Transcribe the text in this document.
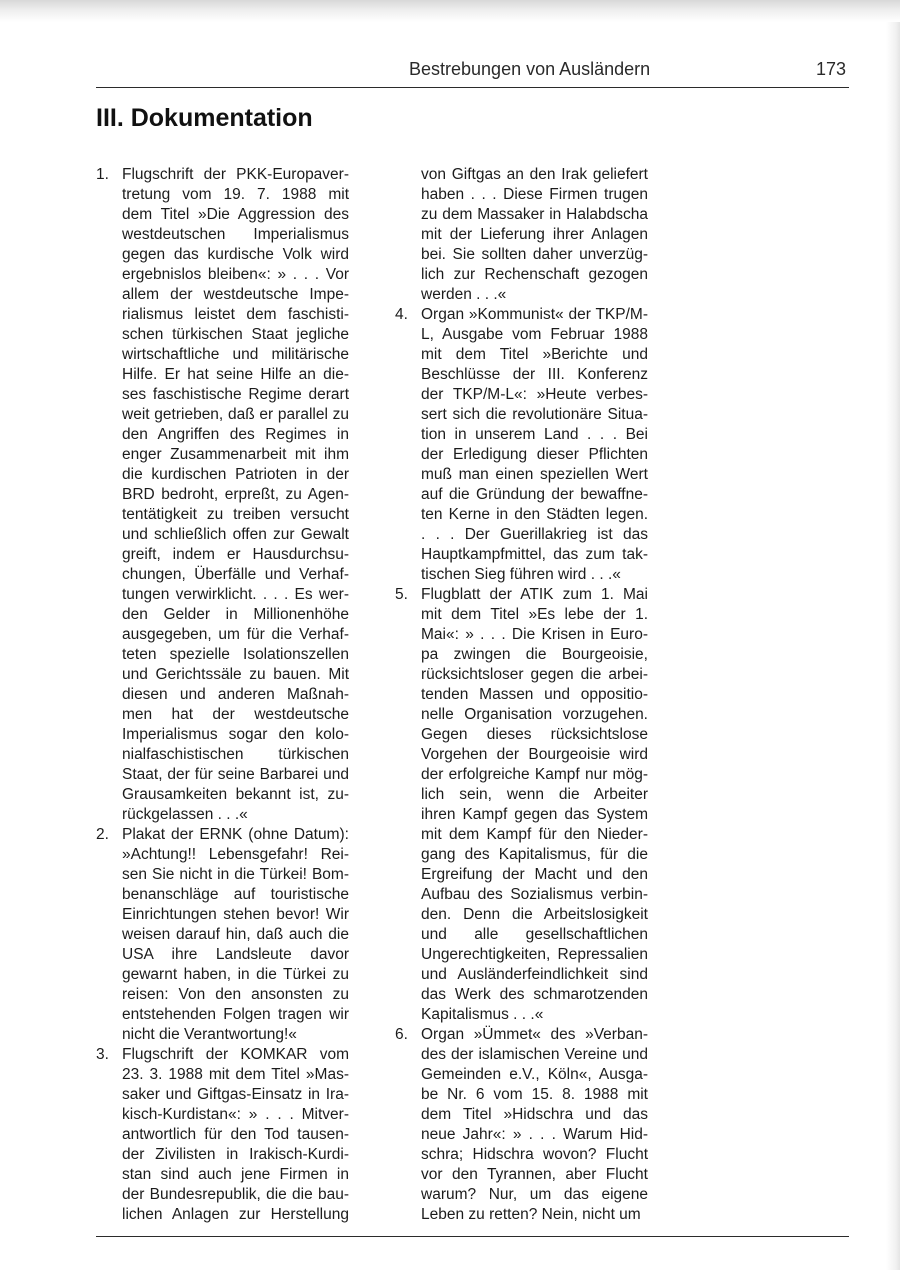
Bestrebungen von Ausländern	173
III. Dokumentation
1. Flugschrift der PKK-Europaver-
tretung vom 19. 7. 1988 mit
dem Titel »Die Aggression des
westdeutschen Imperialismus
gegen das kurdische Volk wird
ergebnislos bleiben«: » . . . Vor
allem der westdeutsche Impe-
rialismus leistet dem faschisti-
schen türkischen Staat jegliche
wirtschaftliche und militärische
Hilfe. Er hat seine Hilfe an die-
ses faschistische Regime derart
weit getrieben, daß er parallel zu
den Angriffen des Regimes in
enger Zusammenarbeit mit ihm
die kurdischen Patrioten in der
BRD bedroht, erpreßt, zu Agen-
tentätigkeit zu treiben versucht
und schließlich offen zur Gewalt
greift, indem er Hausdurchsu-
chungen, Überfälle und Verhaf-
tungen verwirklicht. . . . Es wer-
den Gelder in Millionenhöhe
ausgegeben, um für die Verhaf-
teten spezielle Isolationszellen
und Gerichtssäle zu bauen. Mit
diesen und anderen Maßnah-
men hat der westdeutsche
Imperialismus sogar den kolo-
nialfaschistischen türkischen
Staat, der für seine Barbarei und
Grausamkeiten bekannt ist, zu-
rückgelassen . . .«
2. Plakat der ERNK (ohne Datum):
»Achtung!! Lebensgefahr! Rei-
sen Sie nicht in die Türkei! Bom-
benanschläge auf touristische
Einrichtungen stehen bevor! Wir
weisen darauf hin, daß auch die
USA ihre Landsleute davor
gewarnt haben, in die Türkei zu
reisen: Von den ansonsten zu
entstehenden Folgen tragen wir
nicht die Verantwortung!«
3. Flugschrift der KOMKAR vom
23. 3. 1988 mit dem Titel »Mas-
saker und Giftgas-Einsatz in Ira-
kisch-Kurdistan«: » . . . Mitver-
antwortlich für den Tod tausen-
der Zivilisten in Irakisch-Kurdi-
stan sind auch jene Firmen in
der Bundesrepublik, die die bau-
lichen Anlagen zur Herstellung
von Giftgas an den Irak geliefert
haben . . . Diese Firmen trugen
zu dem Massaker in Halabdscha
mit der Lieferung ihrer Anlagen
bei. Sie sollten daher unverzüg-
lich zur Rechenschaft gezogen
werden . . .«
4. Organ »Kommunist« der TKP/M-
L, Ausgabe vom Februar 1988
mit dem Titel »Berichte und
Beschlüsse der III. Konferenz
der TKP/M-L«: »Heute verbes-
sert sich die revolutionäre Situa-
tion in unserem Land . . . Bei
der Erledigung dieser Pflichten
muß man einen speziellen Wert
auf die Gründung der bewaffne-
ten Kerne in den Städten legen.
. . . Der Guerillakrieg ist das
Hauptkampfmittel, das zum tak-
tischen Sieg führen wird . . .«
5. Flugblatt der ATIK zum 1. Mai
mit dem Titel »Es lebe der 1.
Mai«: » . . . Die Krisen in Euro-
pa zwingen die Bourgeoisie,
rücksichtsloser gegen die arbei-
tenden Massen und oppositio-
nelle Organisation vorzugehen.
Gegen dieses rücksichtslose
Vorgehen der Bourgeoisie wird
der erfolgreiche Kampf nur mög-
lich sein, wenn die Arbeiter
ihren Kampf gegen das System
mit dem Kampf für den Nieder-
gang des Kapitalismus, für die
Ergreifung der Macht und den
Aufbau des Sozialismus verbin-
den. Denn die Arbeitslosigkeit
und alle gesellschaftlichen
Ungerechtigkeiten, Repressalien
und Ausländerfeindlichkeit sind
das Werk des schmarotzenden
Kapitalismus . . .«
6. Organ »Ümmet« des »Verban-
des der islamischen Vereine und
Gemeinden e.V., Köln«, Ausga-
be Nr. 6 vom 15. 8. 1988 mit
dem Titel »Hidschra und das
neue Jahr«: » . . . Warum Hid-
schra; Hidschra wovon? Flucht
vor den Tyrannen, aber Flucht
warum? Nur, um das eigene
Leben zu retten? Nein, nicht um
